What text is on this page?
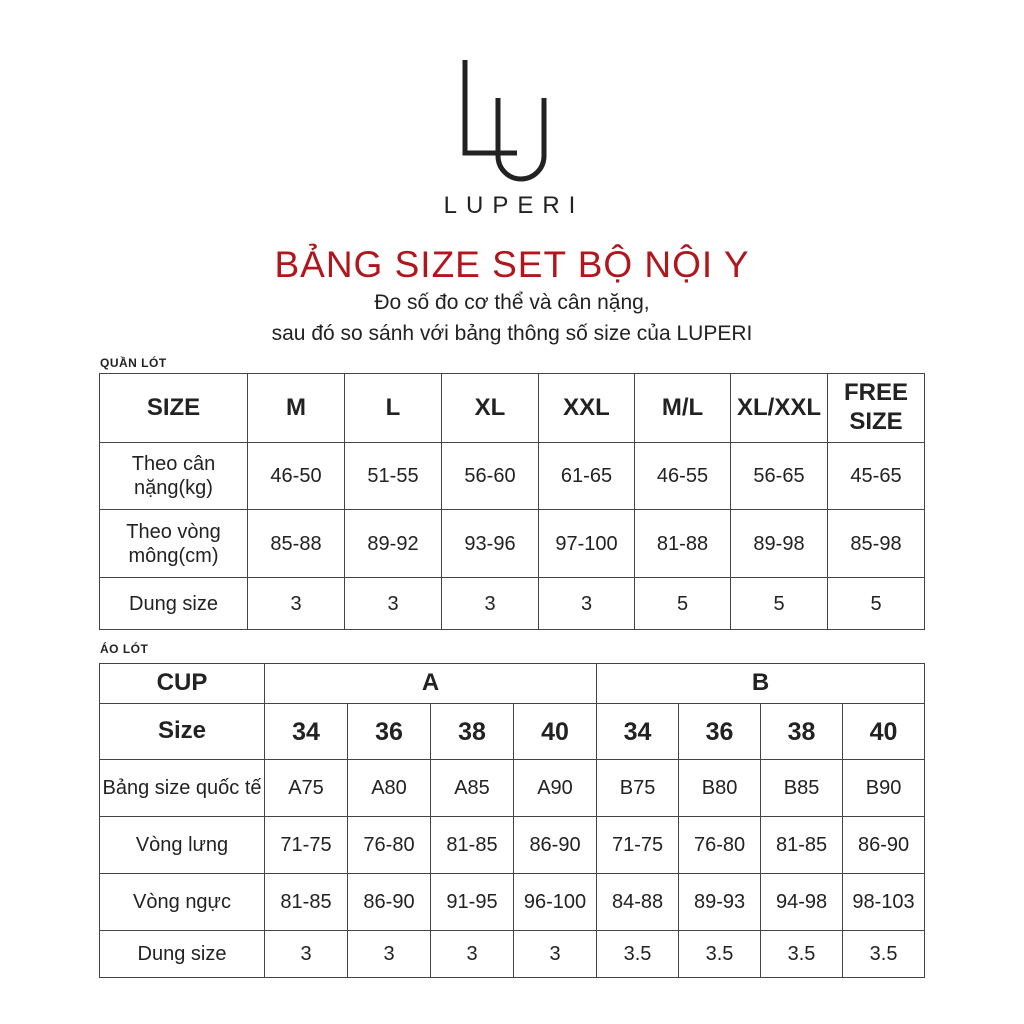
LUPERI
BẢNG SIZE SET BỘ NỘI Y
Đo số đo cơ thể và cân nặng,
sau đó so sánh với bảng thông số size của LUPERI
QUẦN LÓT
SIZE	M	L	XL	XXL	M/L	XL/XXL	FREE SIZE
Theo cân nặng(kg)	46-50	51-55	56-60	61-65	46-55	56-65	45-65
Theo vòng mông(cm)	85-88	89-92	93-96	97-100	81-88	89-98	85-98
Dung size	3	3	3	3	5	5	5
ÁO LÓT
CUP	A				B			
Size	34	36	38	40	34	36	38	40
Bảng size quốc tế	A75	A80	A85	A90	B75	B80	B85	B90
Vòng lưng	71-75	76-80	81-85	86-90	71-75	76-80	81-85	86-90
Vòng ngực	81-85	86-90	91-95	96-100	84-88	89-93	94-98	98-103
Dung size	3	3	3	3	3.5	3.5	3.5	3.5
